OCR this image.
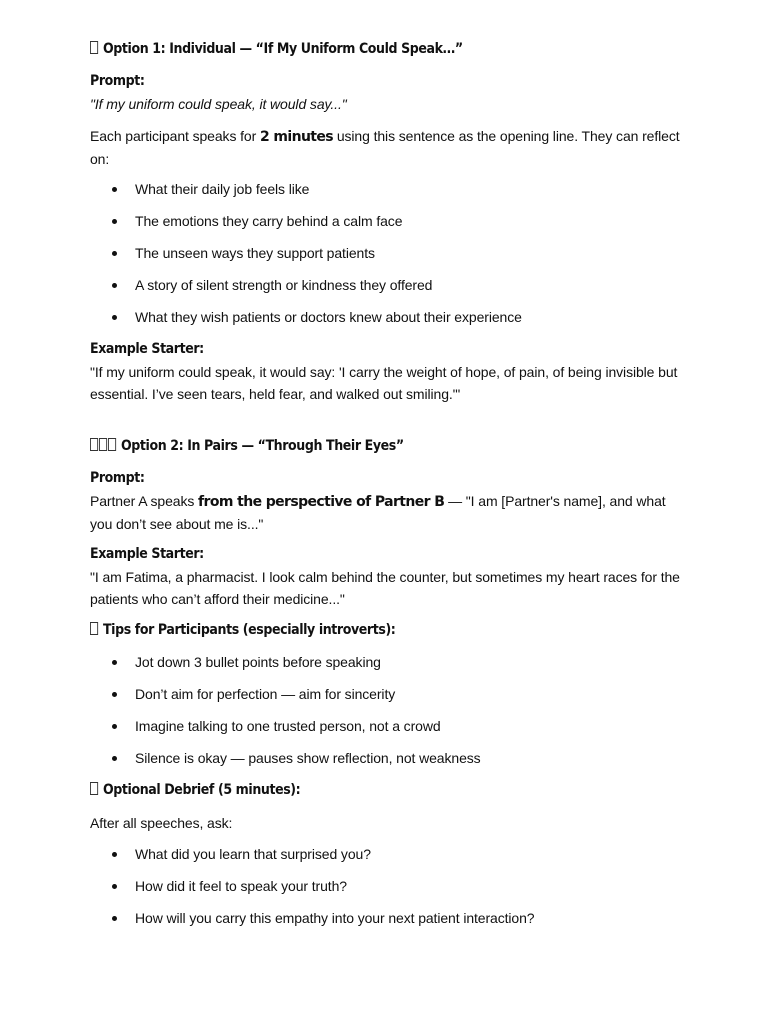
Option 1: Individual — “If My Uniform Could Speak…”
Prompt:
"If my uniform could speak, it would say..."
Each participant speaks for 2 minutes using this sentence as the opening line. They can reflect on:
What their daily job feels like
The emotions they carry behind a calm face
The unseen ways they support patients
A story of silent strength or kindness they offered
What they wish patients or doctors knew about their experience
Example Starter:
"If my uniform could speak, it would say: 'I carry the weight of hope, of pain, of being invisible but essential. I’ve seen tears, held fear, and walked out smiling.'"
Option 2: In Pairs — “Through Their Eyes”
Prompt:
Partner A speaks from the perspective of Partner B — "I am [Partner's name], and what you don’t see about me is..."
Example Starter:
"I am Fatima, a pharmacist. I look calm behind the counter, but sometimes my heart races for the patients who can’t afford their medicine..."
Tips for Participants (especially introverts):
Jot down 3 bullet points before speaking
Don’t aim for perfection — aim for sincerity
Imagine talking to one trusted person, not a crowd
Silence is okay — pauses show reflection, not weakness
Optional Debrief (5 minutes):
After all speeches, ask:
What did you learn that surprised you?
How did it feel to speak your truth?
How will you carry this empathy into your next patient interaction?
